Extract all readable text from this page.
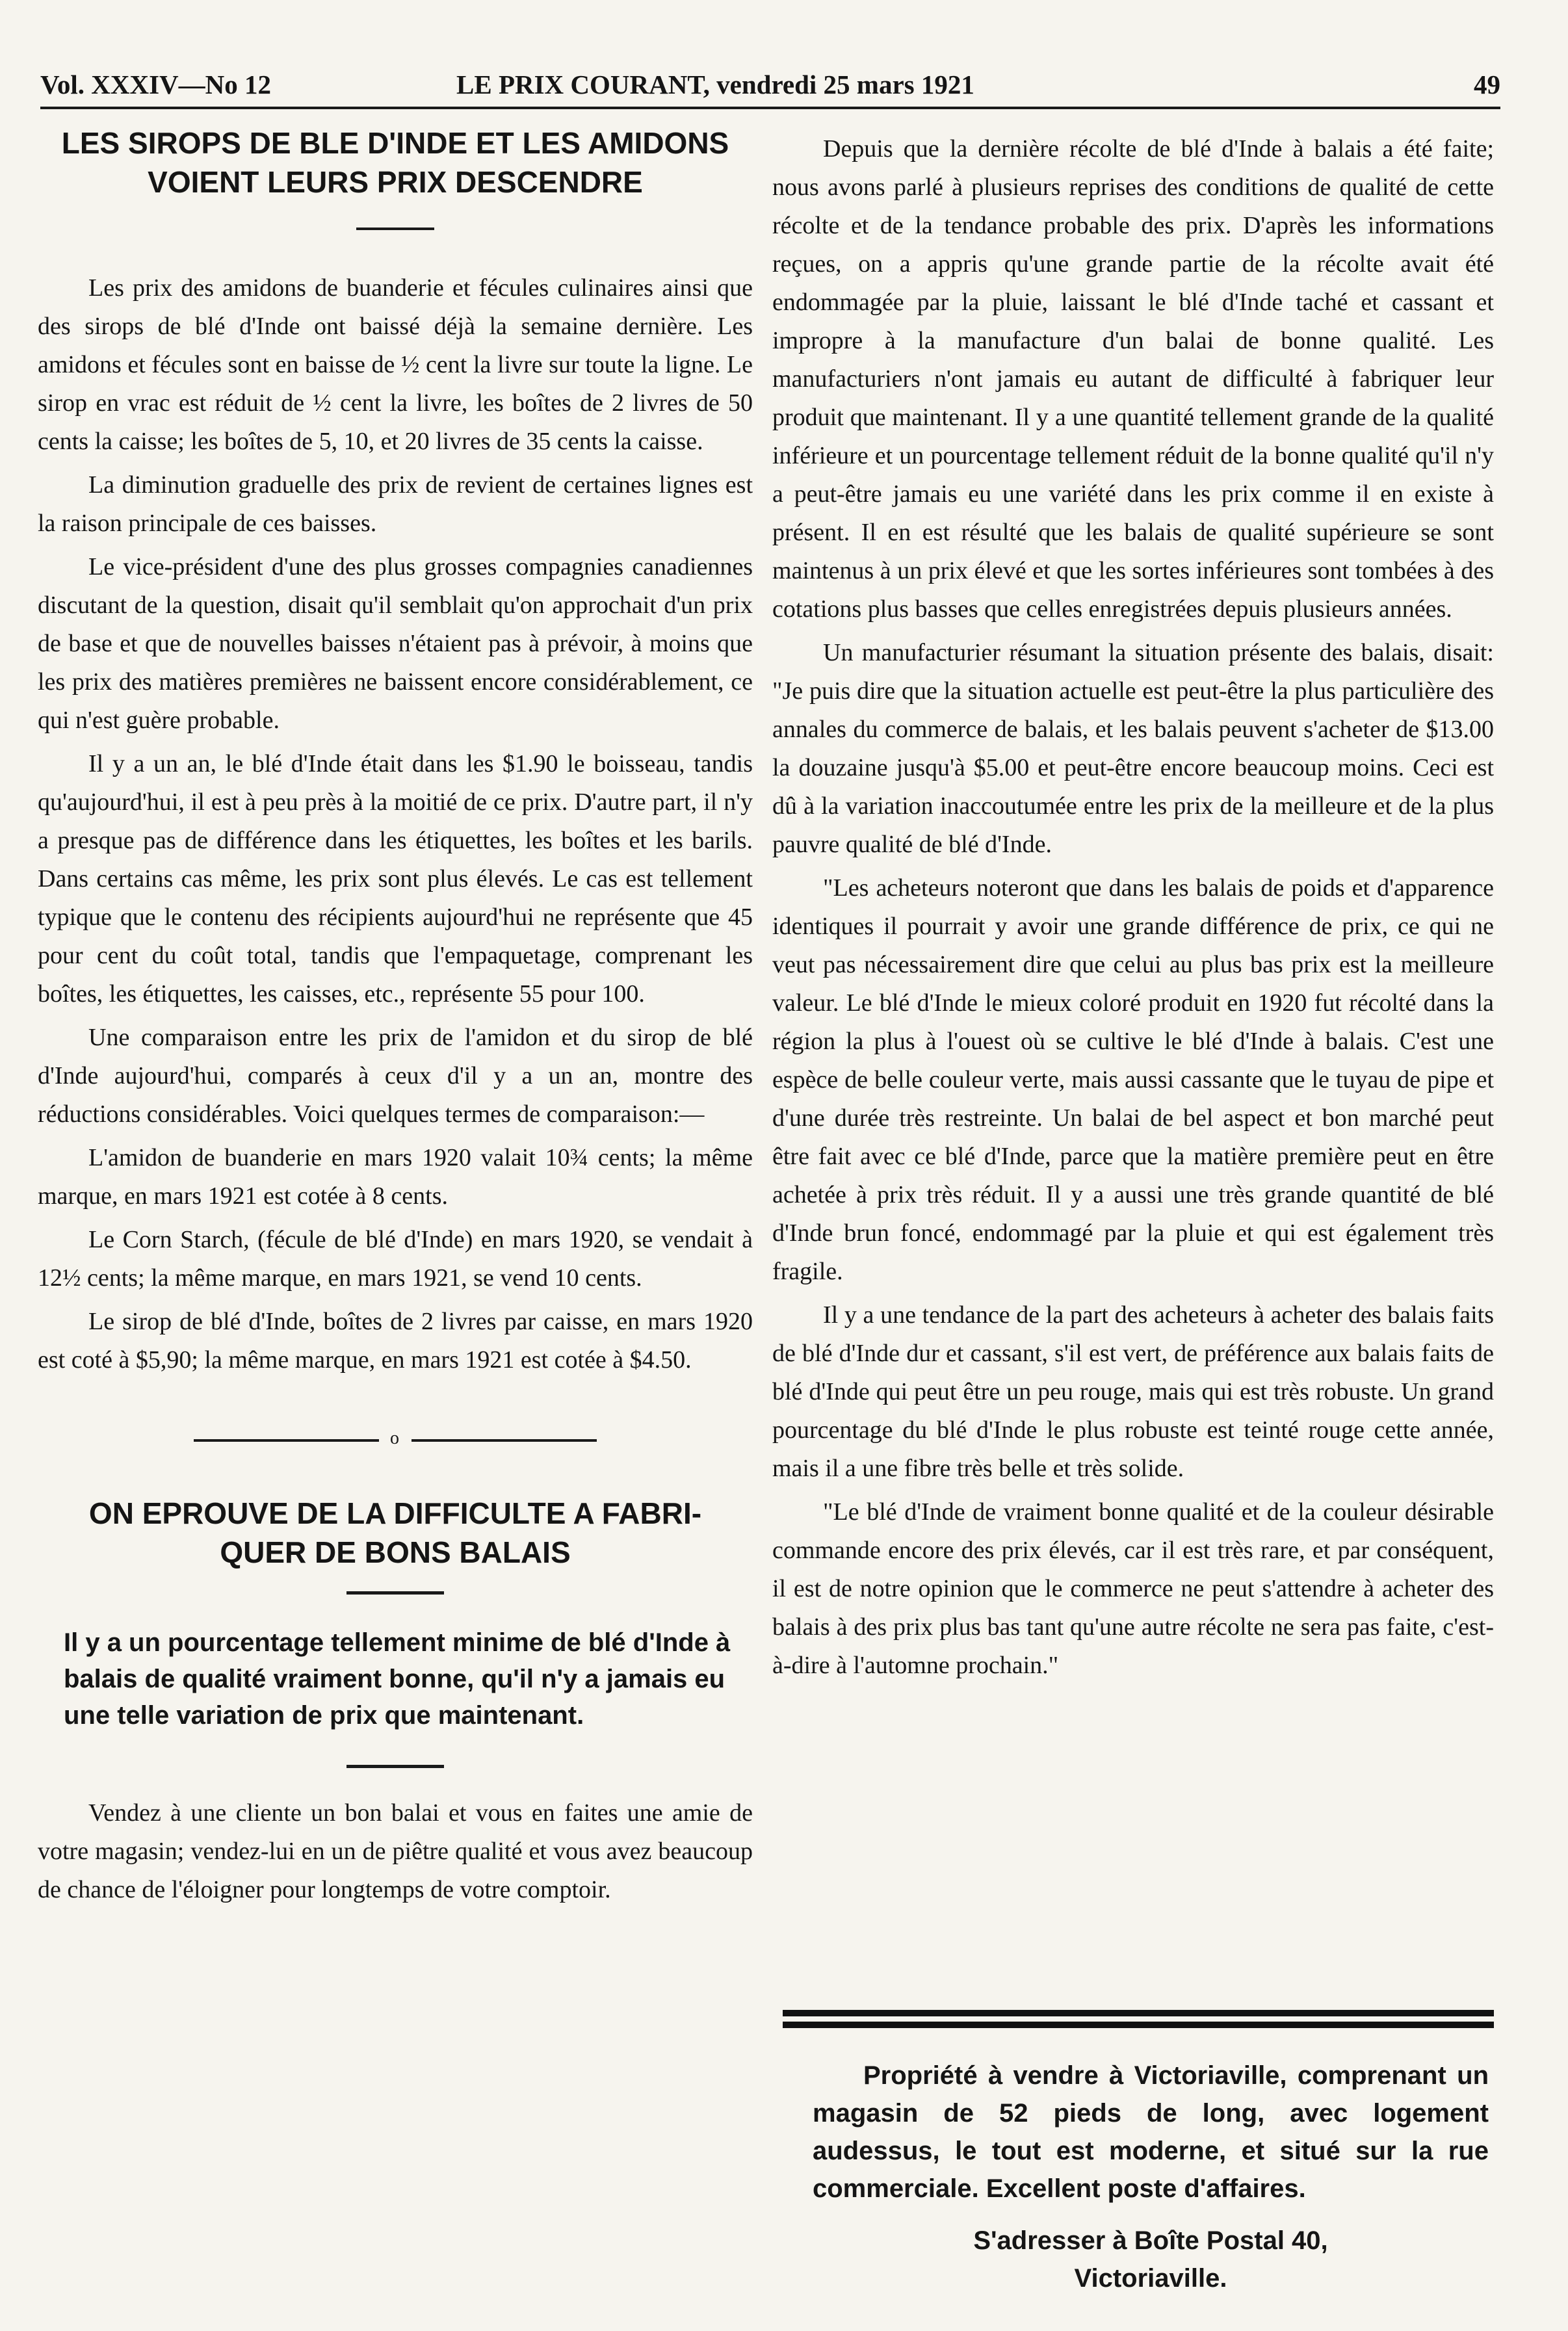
Vol. XXXIV—No 12	LE PRIX COURANT, vendredi 25 mars 1921	49
LES SIROPS DE BLE D'INDE ET LES AMIDONS
VOIENT LEURS PRIX DESCENDRE

Les prix des amidons de buanderie et fécules culinaires ainsi que des sirops de blé d'Inde ont baissé déjà la semaine dernière. Les amidons et fécules sont en baisse de ½ cent la livre sur toute la ligne. Le sirop en vrac est réduit de ½ cent la livre, les boîtes de 2 livres de 50 cents la caisse; les boîtes de 5, 10, et 20 livres de 35 cents la caisse.

La diminution graduelle des prix de revient de certaines lignes est la raison principale de ces baisses.

Le vice-président d'une des plus grosses compagnies canadiennes discutant de la question, disait qu'il semblait qu'on approchait d'un prix de base et que de nouvelles baisses n'étaient pas à prévoir, à moins que les prix des matières premières ne baissent encore considérablement, ce qui n'est guère probable.

Il y a un an, le blé d'Inde était dans les $1.90 le boisseau, tandis qu'aujourd'hui, il est à peu près à la moitié de ce prix. D'autre part, il n'y a presque pas de différence dans les étiquettes, les boîtes et les barils. Dans certains cas même, les prix sont plus élevés. Le cas est tellement typique que le contenu des récipients aujourd'hui ne représente que 45 pour cent du coût total, tandis que l'empaquetage, comprenant les boîtes, les étiquettes, les caisses, etc., représente 55 pour 100.

Une comparaison entre les prix de l'amidon et du sirop de blé d'Inde aujourd'hui, comparés à ceux d'il y a un an, montre des réductions considérables. Voici quelques termes de comparaison:—

L'amidon de buanderie en mars 1920 valait 10¾ cents; la même marque, en mars 1921 est cotée à 8 cents.

Le Corn Starch, (fécule de blé d'Inde) en mars 1920, se vendait à 12½ cents; la même marque, en mars 1921, se vend 10 cents.

Le sirop de blé d'Inde, boîtes de 2 livres par caisse, en mars 1920 est coté à $5,90; la même marque, en mars 1921 est cotée à $4.50.

o
ON EPROUVE DE LA DIFFICULTE A FABRI-
QUER DE BONS BALAIS

Il y a un pourcentage tellement minime de blé d'Inde à balais de qualité vraiment bonne, qu'il n'y a jamais eu une telle variation de prix que maintenant.

Vendez à une cliente un bon balai et vous en faites une amie de votre magasin; vendez-lui en un de piêtre qualité et vous avez beaucoup de chance de l'éloigner pour longtemps de votre comptoir.

Depuis que la dernière récolte de blé d'Inde à balais a été faite; nous avons parlé à plusieurs reprises des conditions de qualité de cette récolte et de la tendance probable des prix. D'après les informations reçues, on a appris qu'une grande partie de la récolte avait été endommagée par la pluie, laissant le blé d'Inde taché et cassant et impropre à la manufacture d'un balai de bonne qualité. Les manufacturiers n'ont jamais eu autant de difficulté à fabriquer leur produit que maintenant. Il y a une quantité tellement grande de la qualité inférieure et un pourcentage tellement réduit de la bonne qualité qu'il n'y a peut-être jamais eu une variété dans les prix comme il en existe à présent. Il en est résulté que les balais de qualité supérieure se sont maintenus à un prix élevé et que les sortes inférieures sont tombées à des cotations plus basses que celles enregistrées depuis plusieurs années.

Un manufacturier résumant la situation présente des balais, disait: "Je puis dire que la situation actuelle est peut-être la plus particulière des annales du commerce de balais, et les balais peuvent s'acheter de $13.00 la douzaine jusqu'à $5.00 et peut-être encore beaucoup moins. Ceci est dû à la variation inaccoutumée entre les prix de la meilleure et de la plus pauvre qualité de blé d'Inde.

"Les acheteurs noteront que dans les balais de poids et d'apparence identiques il pourrait y avoir une grande différence de prix, ce qui ne veut pas nécessairement dire que celui au plus bas prix est la meilleure valeur. Le blé d'Inde le mieux coloré produit en 1920 fut récolté dans la région la plus à l'ouest où se cultive le blé d'Inde à balais. C'est une espèce de belle couleur verte, mais aussi cassante que le tuyau de pipe et d'une durée très restreinte. Un balai de bel aspect et bon marché peut être fait avec ce blé d'Inde, parce que la matière première peut en être achetée à prix très réduit. Il y a aussi une très grande quantité de blé d'Inde brun foncé, endommagé par la pluie et qui est également très fragile.

Il y a une tendance de la part des acheteurs à acheter des balais faits de blé d'Inde dur et cassant, s'il est vert, de préférence aux balais faits de blé d'Inde qui peut être un peu rouge, mais qui est très robuste. Un grand pourcentage du blé d'Inde le plus robuste est teinté rouge cette année, mais il a une fibre très belle et très solide.

"Le blé d'Inde de vraiment bonne qualité et de la couleur désirable commande encore des prix élevés, car il est très rare, et par conséquent, il est de notre opinion que le commerce ne peut s'attendre à acheter des balais à des prix plus bas tant qu'une autre récolte ne sera pas faite, c'est-à-dire à l'automne prochain."

Propriété à vendre à Victoriaville, comprenant un magasin de 52 pieds de long, avec logement audessus, le tout est moderne, et situé sur la rue commerciale. Excellent poste d'affaires.

S'adresser à Boîte Postal 40,
Victoriaville.
